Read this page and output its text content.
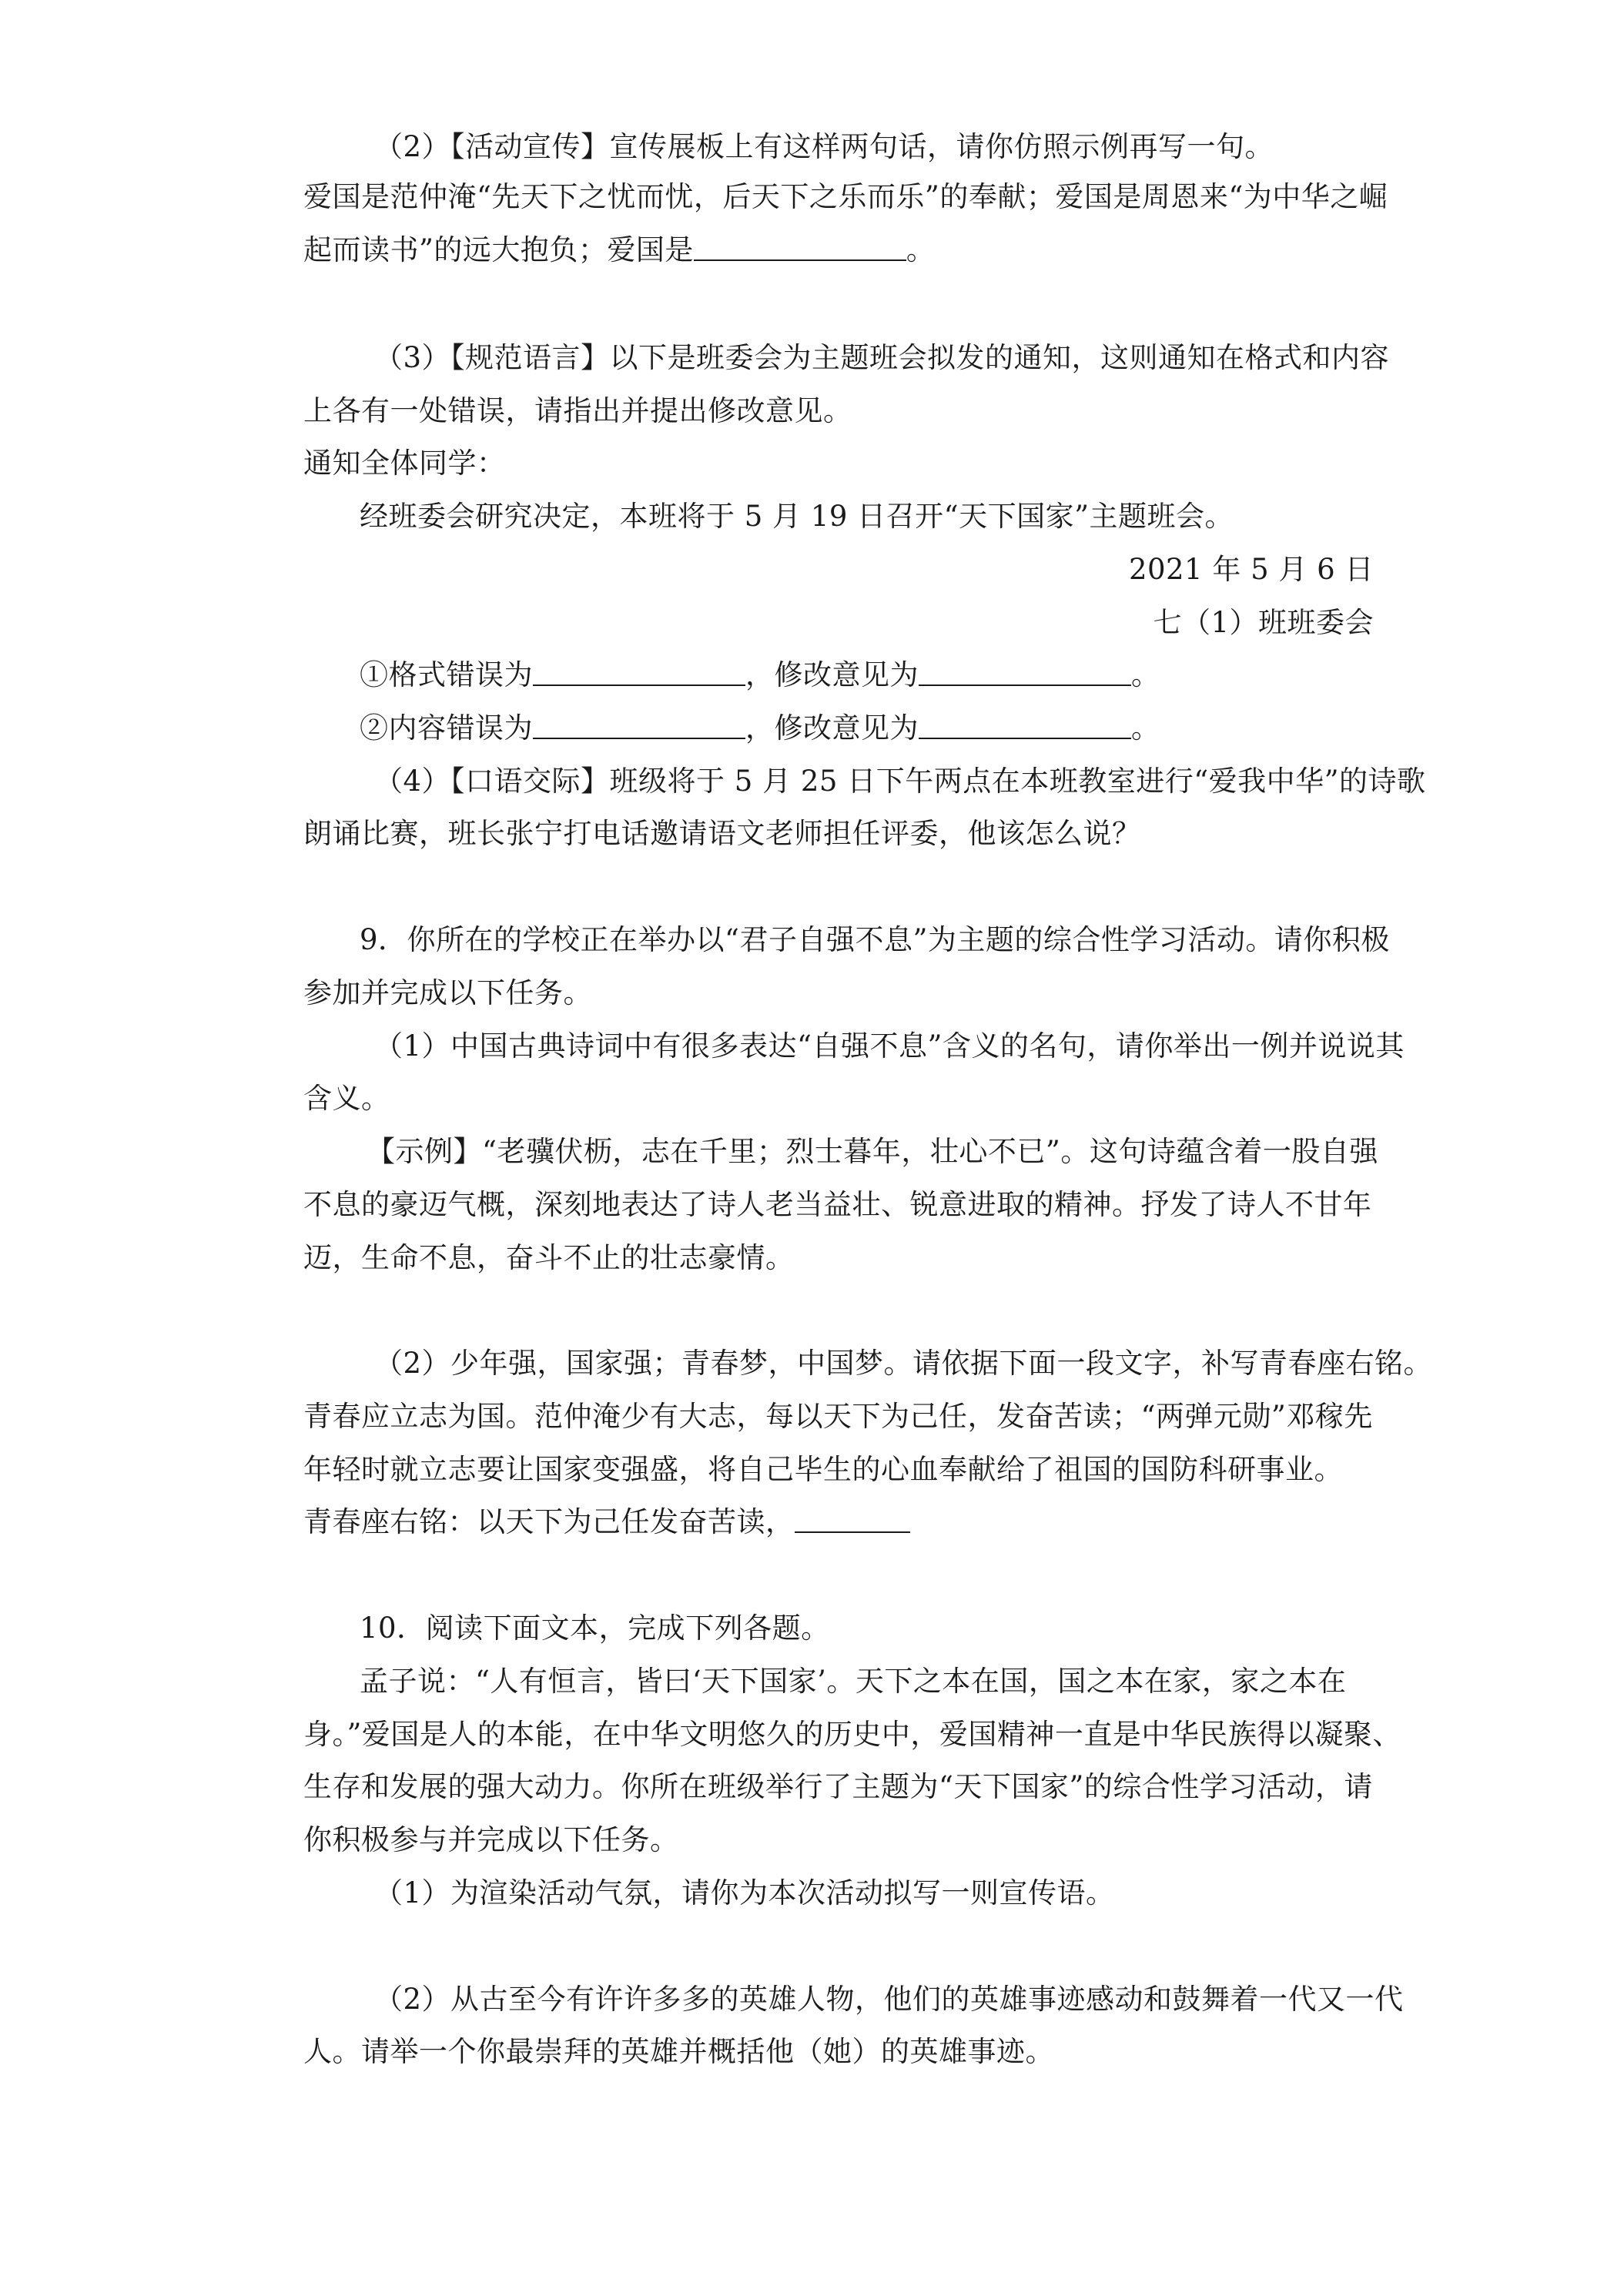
（2）【活动宣传】宣传展板上有这样两句话，请你仿照示例再写一句。
爱国是范仲淹“先天下之忧而忧，后天下之乐而乐”的奉献；爱国是周恩来“为中华之崛
起而读书”的远大抱负；爱国是	。
（3）【规范语言】以下是班委会为主题班会拟发的通知，这则通知在格式和内容
上各有一处错误，请指出并提出修改意见。
通知全体同学：
经班委会研究决定，本班将于 5 月 19 日召开“天下国家”主题班会。
2021 年 5 月 6 日
七（1）班班委会
①格式错误为	，修改意见为	。
②内容错误为	，修改意见为	。
（4）【口语交际】班级将于 5 月 25 日下午两点在本班教室进行“爱我中华”的诗歌
朗诵比赛，班长张宁打电话邀请语文老师担任评委，他该怎么说？
9．你所在的学校正在举办以“君子自强不息”为主题的综合性学习活动。请你积极
参加并完成以下任务。
（1）中国古典诗词中有很多表达“自强不息”含义的名句，请你举出一例并说说其
含义。
【示例】“老骥伏枥，志在千里；烈士暮年，壮心不已”。这句诗蕴含着一股自强
不息的豪迈气概，深刻地表达了诗人老当益壮、锐意进取的精神。抒发了诗人不甘年
迈，生命不息，奋斗不止的壮志豪情。
（2）少年强，国家强；青春梦，中国梦。请依据下面一段文字，补写青春座右铭。
青春应立志为国。范仲淹少有大志，每以天下为己任，发奋苦读；“两弹元勋”邓稼先
年轻时就立志要让国家变强盛，将自己毕生的心血奉献给了祖国的国防科研事业。
青春座右铭：以天下为己任发奋苦读，
10．阅读下面文本，完成下列各题。
孟子说：“人有恒言，皆曰‘天下国家’。天下之本在国，国之本在家，家之本在
身。”爱国是人的本能，在中华文明悠久的历史中，爱国精神一直是中华民族得以凝聚、
生存和发展的强大动力。你所在班级举行了主题为“天下国家”的综合性学习活动，请
你积极参与并完成以下任务。
（1）为渲染活动气氛，请你为本次活动拟写一则宣传语。
（2）从古至今有许许多多的英雄人物，他们的英雄事迹感动和鼓舞着一代又一代
人。请举一个你最崇拜的英雄并概括他（她）的英雄事迹。
